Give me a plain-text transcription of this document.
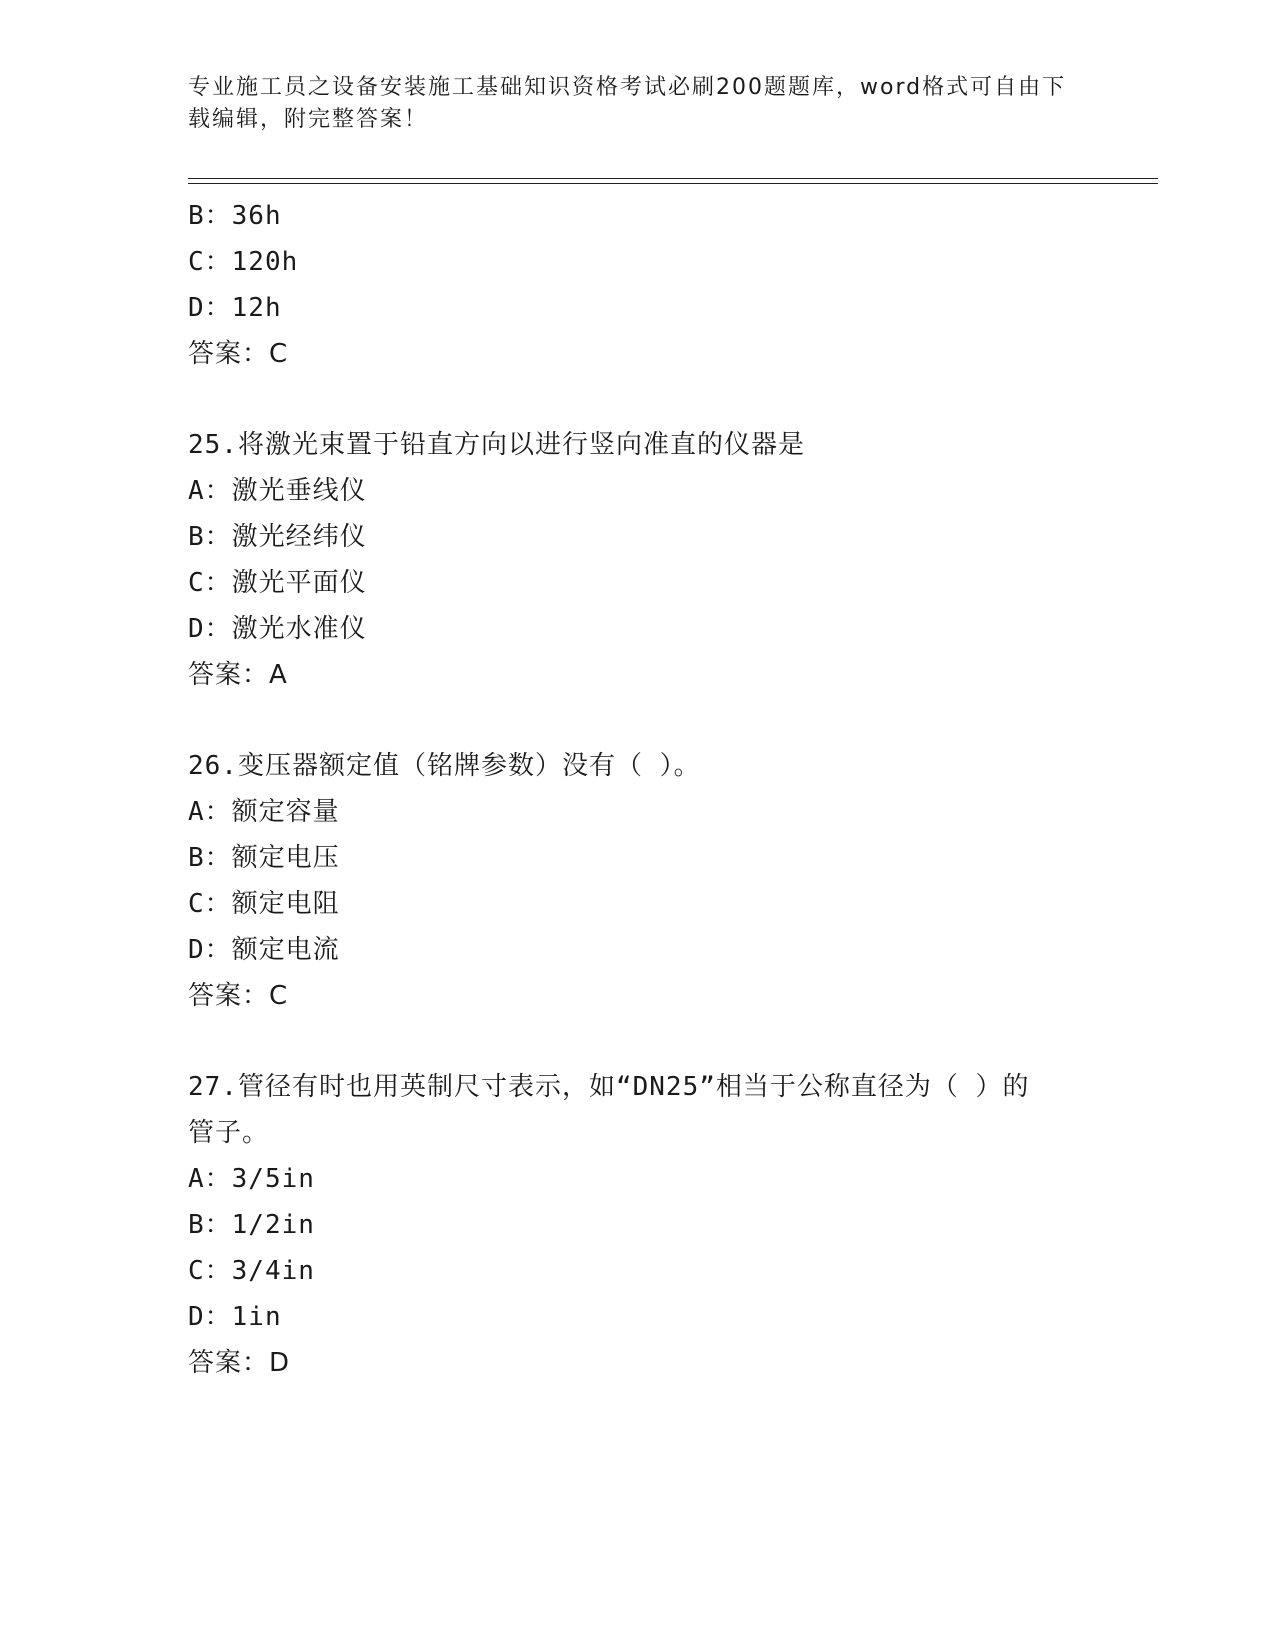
专业施工员之设备安装施工基础知识资格考试必刷200题题库，word格式可自由下载编辑，附完整答案！
B：36h
C：120h
D：12h
答案：C
25.将激光束置于铅直方向以进行竖向准直的仪器是
A：激光垂线仪
B：激光经纬仪
C：激光平面仪
D：激光水准仪
答案：A
26.变压器额定值（铭牌参数）没有（ ）。
A：额定容量
B：额定电压
C：额定电阻
D：额定电流
答案：C
27.管径有时也用英制尺寸表示，如“DN25”相当于公称直径为（ ）的管子。
A：3/5in
B：1/2in
C：3/4in
D：1in
答案：D
